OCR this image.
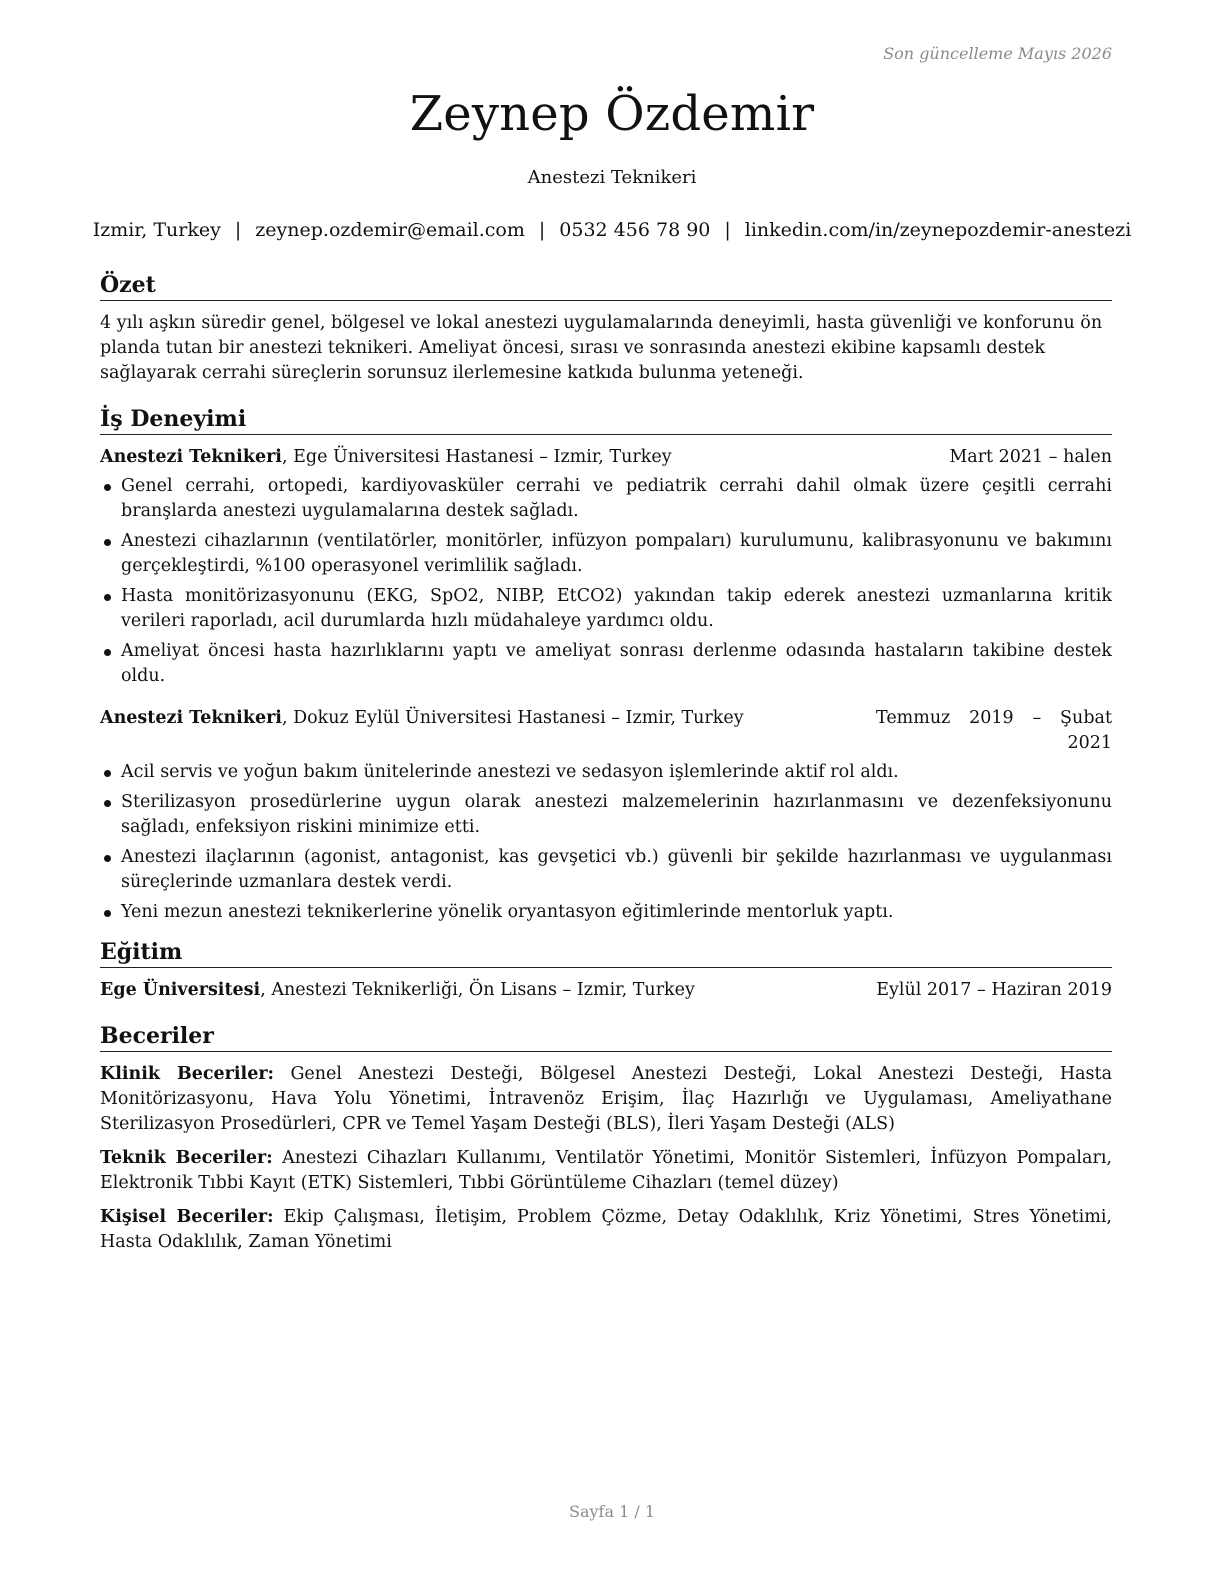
Son güncelleme Mayıs 2026
Zeynep Özdemir
Anestezi Teknikeri
Izmir, Turkey | zeynep.ozdemir@email.com | 0532 456 78 90 | linkedin.com/in/zeynepozdemir-anestezi
Özet

4 yılı aşkın süredir genel, bölgesel ve lokal anestezi uygulamalarında deneyimli, hasta güvenliği ve konforunu ön planda tutan bir anestezi teknikeri. Ameliyat öncesi, sırası ve sonrasında anestezi ekibine kapsamlı destek sağlayarak cerrahi süreçlerin sorunsuz ilerlemesine katkıda bulunma yeteneği.

İş Deneyimi
Anestezi Teknikeri, Ege Üniversitesi Hastanesi – Izmir, Turkey	Mart 2021 – halen
Genel cerrahi, ortopedi, kardiyovasküler cerrahi ve pediatrik cerrahi dahil olmak üzere çeşitli cerrahi branşlarda anestezi uygulamalarına destek sağladı.
Anestezi cihazlarının (ventilatörler, monitörler, infüzyon pompaları) kurulumunu, kalibrasyonunu ve bakımını gerçekleştirdi, %100 operasyonel verimlilik sağladı.
Hasta monitörizasyonunu (EKG, SpO2, NIBP, EtCO2) yakından takip ederek anestezi uzmanlarına kritik verileri raporladı, acil durumlarda hızlı müdahaleye yardımcı oldu.
Ameliyat öncesi hasta hazırlıklarını yaptı ve ameliyat sonrası derlenme odasında hastaların takibine destek oldu.
Anestezi Teknikeri, Dokuz Eylül Üniversitesi Hastanesi – Izmir, Turkey	Temmuz 2019 – Şubat 2021
Acil servis ve yoğun bakım ünitelerinde anestezi ve sedasyon işlemlerinde aktif rol aldı.
Sterilizasyon prosedürlerine uygun olarak anestezi malzemelerinin hazırlanmasını ve dezenfeksiyonunu sağladı, enfeksiyon riskini minimize etti.
Anestezi ilaçlarının (agonist, antagonist, kas gevşetici vb.) güvenli bir şekilde hazırlanması ve uygulanması süreçlerinde uzmanlara destek verdi.
Yeni mezun anestezi teknikerlerine yönelik oryantasyon eğitimlerinde mentorluk yaptı.
Eğitim
Ege Üniversitesi, Anestezi Teknikerliği, Ön Lisans – Izmir, Turkey	Eylül 2017 – Haziran 2019
Beceriler

Klinik Beceriler: Genel Anestezi Desteği, Bölgesel Anestezi Desteği, Lokal Anestezi Desteği, Hasta Monitörizasyonu, Hava Yolu Yönetimi, İntravenöz Erişim, İlaç Hazırlığı ve Uygulaması, Ameliyathane Sterilizasyon Prosedürleri, CPR ve Temel Yaşam Desteği (BLS), İleri Yaşam Desteği (ALS)

Teknik Beceriler: Anestezi Cihazları Kullanımı, Ventilatör Yönetimi, Monitör Sistemleri, İnfüzyon Pompaları, Elektronik Tıbbi Kayıt (ETK) Sistemleri, Tıbbi Görüntüleme Cihazları (temel düzey)

Kişisel Beceriler: Ekip Çalışması, İletişim, Problem Çözme, Detay Odaklılık, Kriz Yönetimi, Stres Yönetimi, Hasta Odaklılık, Zaman Yönetimi

Sayfa 1 / 1
